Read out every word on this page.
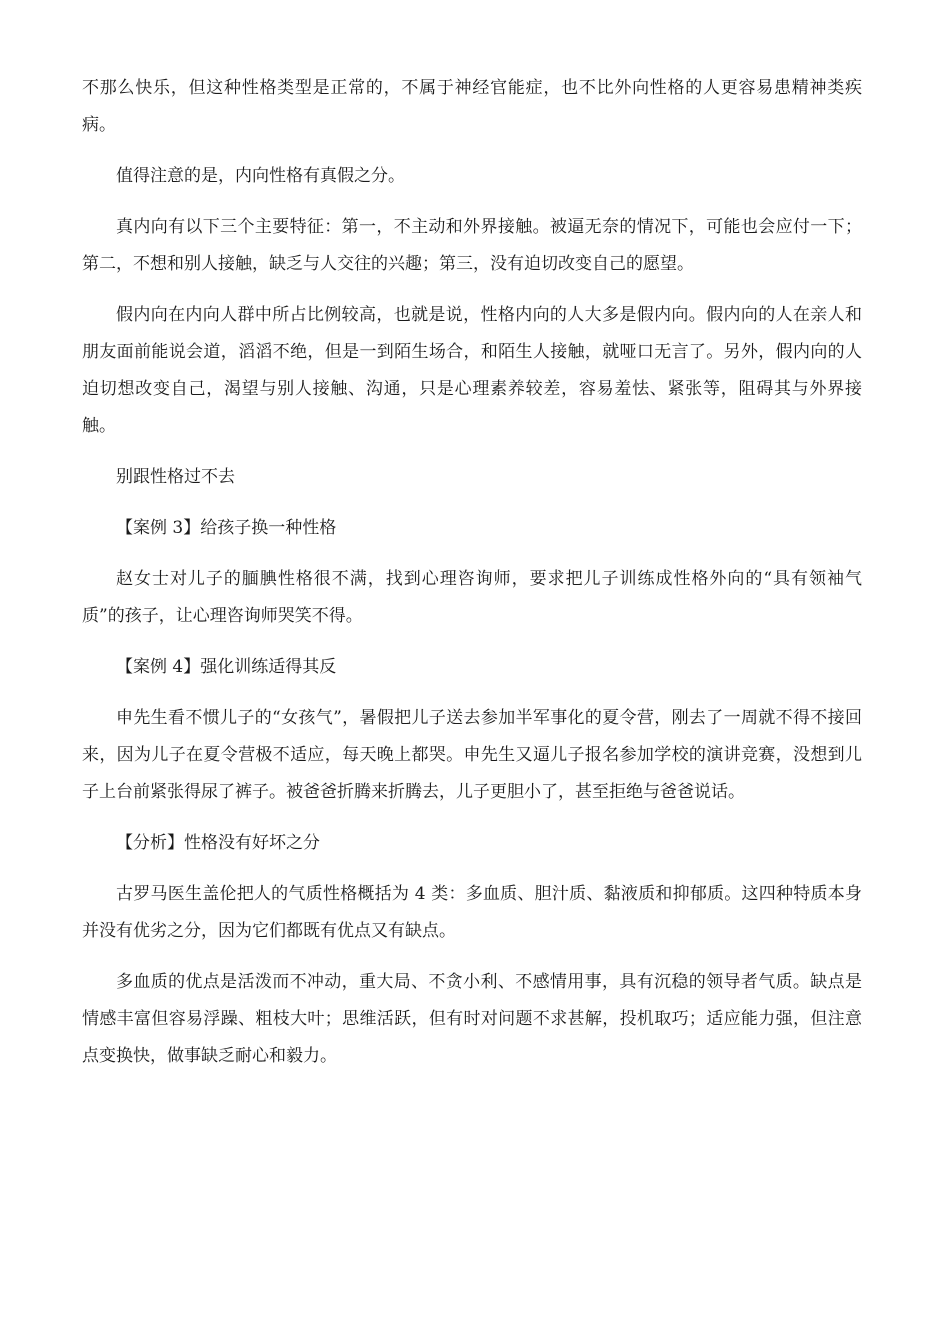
不那么快乐，但这种性格类型是正常的，不属于神经官能症，也不比外向性格的人更容易患精神类疾病。

值得注意的是，内向性格有真假之分。

真内向有以下三个主要特征：第一，不主动和外界接触。被逼无奈的情况下，可能也会应付一下；第二，不想和别人接触，缺乏与人交往的兴趣；第三，没有迫切改变自己的愿望。

假内向在内向人群中所占比例较高，也就是说，性格内向的人大多是假内向。假内向的人在亲人和朋友面前能说会道，滔滔不绝，但是一到陌生场合，和陌生人接触，就哑口无言了。另外，假内向的人迫切想改变自己，渴望与别人接触、沟通，只是心理素养较差，容易羞怯、紧张等，阻碍其与外界接触。

别跟性格过不去

【案例 3】给孩子换一种性格

赵女士对儿子的腼腆性格很不满，找到心理咨询师，要求把儿子训练成性格外向的“具有领袖气质”的孩子，让心理咨询师哭笑不得。

【案例 4】强化训练适得其反

申先生看不惯儿子的“女孩气”，暑假把儿子送去参加半军事化的夏令营，刚去了一周就不得不接回来，因为儿子在夏令营极不适应，每天晚上都哭。申先生又逼儿子报名参加学校的演讲竞赛，没想到儿子上台前紧张得尿了裤子。被爸爸折腾来折腾去，儿子更胆小了，甚至拒绝与爸爸说话。

【分析】性格没有好坏之分

古罗马医生盖伦把人的气质性格概括为 4 类：多血质、胆汁质、黏液质和抑郁质。这四种特质本身并没有优劣之分，因为它们都既有优点又有缺点。

多血质的优点是活泼而不冲动，重大局、不贪小利、不感情用事，具有沉稳的领导者气质。缺点是情感丰富但容易浮躁、粗枝大叶；思维活跃，但有时对问题不求甚解，投机取巧；适应能力强，但注意点变换快，做事缺乏耐心和毅力。
